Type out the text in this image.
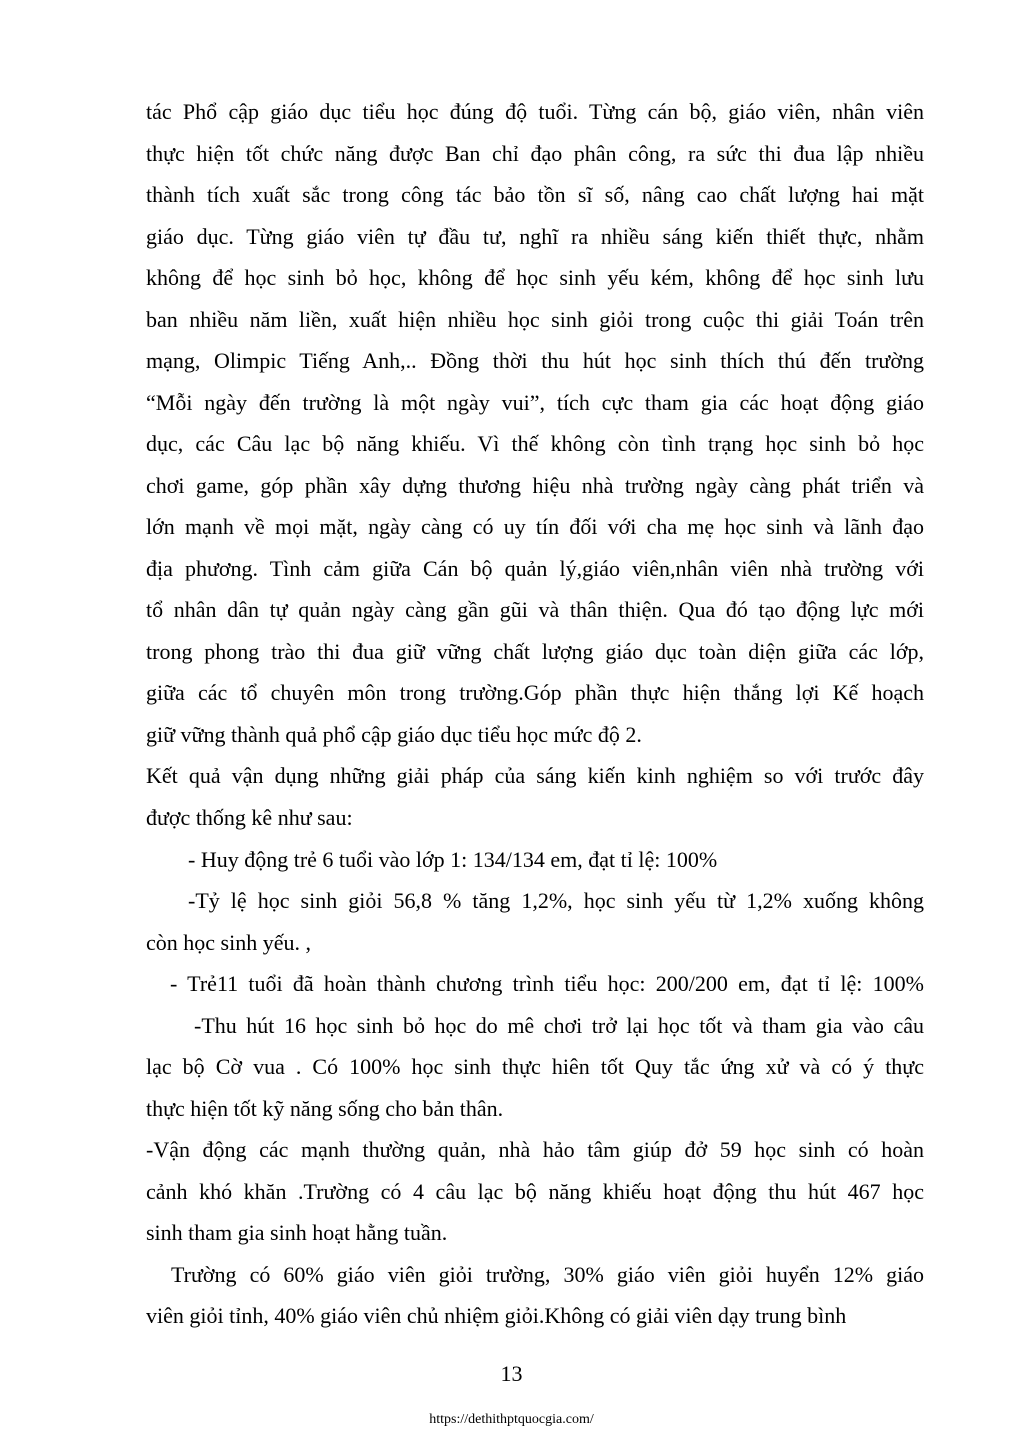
tác Phổ cập giáo dục tiểu học đúng độ tuổi. Từng cán bộ, giáo viên, nhân viên
thực hiện tốt chức năng được Ban chỉ đạo phân công, ra sức thi đua lập nhiều
thành tích xuất sắc trong công tác bảo tồn sĩ số, nâng cao chất lượng hai mặt
giáo dục. Từng giáo viên tự đầu tư, nghĩ ra nhiều sáng kiến thiết thực, nhằm
không để học sinh bỏ học, không để học sinh yếu kém, không để học sinh lưu
ban nhiều năm liền, xuất hiện nhiều học sinh giỏi trong cuộc thi giải Toán trên
mạng, Olimpic Tiếng Anh,.. Đồng thời thu hút học sinh thích thú đến trường
“Mỗi ngày đến trường là một ngày vui”, tích cực tham gia các hoạt động giáo
dục, các Câu lạc bộ năng khiếu. Vì thế không còn tình trạng học sinh bỏ học
chơi game, góp phần xây dựng thương hiệu nhà trường ngày càng phát triển và
lớn mạnh về mọi mặt, ngày càng có uy tín đối với cha mẹ học sinh và lãnh đạo
địa phương. Tình cảm giữa Cán bộ quản lý,giáo viên,nhân viên nhà trường với
tổ nhân dân tự quản ngày càng gần gũi và thân thiện. Qua đó tạo động lực mới
trong phong trào thi đua giữ vững chất lượng giáo dục toàn diện giữa các lớp,
giữa các tổ chuyên môn trong trường.Góp phần thực hiện thắng lợi Kế hoạch
giữ vững thành quả phổ cập giáo dục tiểu học mức độ 2.
Kết quả vận dụng những giải pháp của sáng kiến kinh nghiệm so với trước đây
được thống kê như sau:
- Huy động trẻ 6 tuổi vào lớp 1: 134/134 em, đạt tỉ lệ: 100%
-Tỷ lệ học sinh giỏi 56,8 % tăng 1,2%, học sinh yếu từ 1,2% xuống không
còn học sinh yếu. ,
- Trẻ11 tuổi đã hoàn thành chương trình tiểu học: 200/200 em, đạt tỉ lệ: 100%
-Thu hút 16 học sinh bỏ học do mê chơi trở lại học tốt và tham gia vào câu
lạc bộ Cờ vua . Có 100% học sinh thực hiên tốt Quy tắc ứng xử và có ý thực
thực hiện tốt kỹ năng sống cho bản thân.
-Vận động các mạnh thường quản, nhà hảo tâm giúp đở 59 học sinh có hoàn
cảnh khó khăn .Trường có 4 câu lạc bộ năng khiếu hoạt động thu hút 467 học
sinh tham gia sinh hoạt hằng tuần.
Trường có 60% giáo viên giỏi trường, 30% giáo viên giỏi huyển 12% giáo
viên giỏi tỉnh, 40% giáo viên chủ nhiệm giỏi.Không có giải viên dạy trung bình
13
https://dethithptquocgia.com/
